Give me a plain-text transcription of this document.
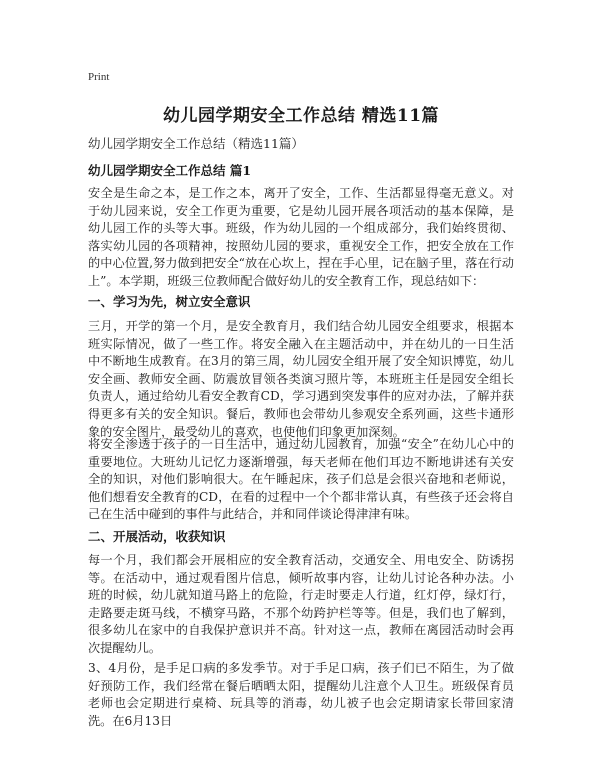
Print
幼儿园学期安全工作总结 精选11篇
幼儿园学期安全工作总结（精选11篇）
幼儿园学期安全工作总结 篇1

安全是生命之本，是工作之本，离开了安全，工作、生活都显得毫无意义。对于幼儿园来说，安全工作更为重要，它是幼儿园开展各项活动的基本保障，是幼儿园工作的头等大事。班级，作为幼儿园的一个组成部分，我们始终贯彻、落实幼儿园的各项精神，按照幼儿园的要求，重视安全工作，把安全放在工作的中心位置,努力做到把安全“放在心坎上，捏在手心里，记在脑子里，落在行动上”。本学期，班级三位教师配合做好幼儿的安全教育工作，现总结如下：

一、学习为先，树立安全意识

三月，开学的第一个月，是安全教育月，我们结合幼儿园安全组要求，根据本班实际情况，做了一些工作。将安全融入在主题活动中，并在幼儿的一日生活中不断地生成教育。在3月的第三周，幼儿园安全组开展了安全知识博览，幼儿安全画、教师安全画、防震放冒领各类演习照片等，本班班主任是园安全组长负责人，通过给幼儿看安全教育CD，学习遇到突发事件的应对办法，了解并获得更多有关的安全知识。餐后，教师也会带幼儿参观安全系列画，这些卡通形象的安全图片，最受幼儿的喜欢，也使他们印象更加深刻。

将安全渗透于孩子的一日生活中，通过幼儿园教育，加强“安全”在幼儿心中的重要地位。大班幼儿记忆力逐渐增强，每天老师在他们耳边不断地讲述有关安全的知识，对他们影响很大。在午睡起床，孩子们总是会很兴奋地和老师说，他们想看安全教育的CD，在看的过程中一个个都非常认真，有些孩子还会将自己在生活中碰到的事件与此结合，并和同伴谈论得津津有味。

二、开展活动，收获知识

每一个月，我们都会开展相应的安全教育活动，交通安全、用电安全、防诱拐等。在活动中，通过观看图片信息，倾听故事内容，让幼儿讨论各种办法。小班的时候，幼儿就知道马路上的危险，行走时要走人行道，红灯停，绿灯行，走路要走斑马线，不横穿马路，不那个幼跨护栏等等。但是，我们也了解到，很多幼儿在家中的自我保护意识并不高。针对这一点，教师在离园活动时会再次提醒幼儿。

3、4月份，是手足口病的多发季节。对于手足口病，孩子们已不陌生，为了做好预防工作，我们经常在餐后晒晒太阳，提醒幼儿注意个人卫生。班级保育员老师也会定期进行桌椅、玩具等的消毒，幼儿被子也会定期请家长带回家清洗。在6月13日
